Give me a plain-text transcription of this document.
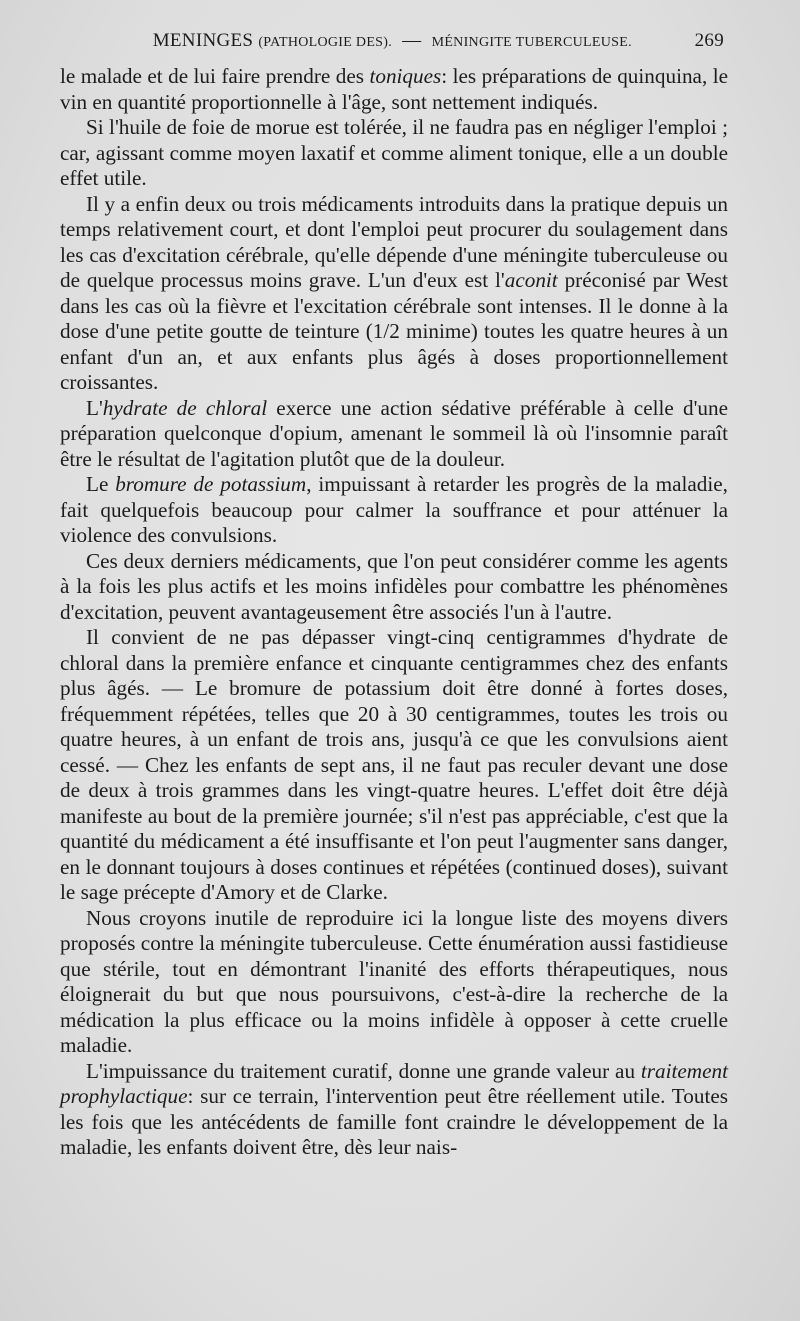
MENINGES (PATHOLOGIE DES). — MÉNINGITE TUBERCULEUSE.	269

le malade et de lui faire prendre des toniques: les préparations de quinquina, le vin en quantité proportionnelle à l'âge, sont nettement indiqués.

Si l'huile de foie de morue est tolérée, il ne faudra pas en négliger l'emploi ; car, agissant comme moyen laxatif et comme aliment tonique, elle a un double effet utile.

Il y a enfin deux ou trois médicaments introduits dans la pratique depuis un temps relativement court, et dont l'emploi peut procurer du soulagement dans les cas d'excitation cérébrale, qu'elle dépende d'une méningite tuberculeuse ou de quelque processus moins grave. L'un d'eux est l'aconit préconisé par West dans les cas où la fièvre et l'excitation cérébrale sont intenses. Il le donne à la dose d'une petite goutte de teinture (1/2 minime) toutes les quatre heures à un enfant d'un an, et aux enfants plus âgés à doses proportionnellement croissantes.

L'hydrate de chloral exerce une action sédative préférable à celle d'une préparation quelconque d'opium, amenant le sommeil là où l'insomnie paraît être le résultat de l'agitation plutôt que de la douleur.

Le bromure de potassium, impuissant à retarder les progrès de la maladie, fait quelquefois beaucoup pour calmer la souffrance et pour atténuer la violence des convulsions.

Ces deux derniers médicaments, que l'on peut considérer comme les agents à la fois les plus actifs et les moins infidèles pour combattre les phénomènes d'excitation, peuvent avantageusement être associés l'un à l'autre.

Il convient de ne pas dépasser vingt-cinq centigrammes d'hydrate de chloral dans la première enfance et cinquante centigrammes chez des enfants plus âgés. — Le bromure de potassium doit être donné à fortes doses, fréquemment répétées, telles que 20 à 30 centigrammes, toutes les trois ou quatre heures, à un enfant de trois ans, jusqu'à ce que les convulsions aient cessé. — Chez les enfants de sept ans, il ne faut pas reculer devant une dose de deux à trois grammes dans les vingt-quatre heures. L'effet doit être déjà manifeste au bout de la première journée; s'il n'est pas appréciable, c'est que la quantité du médicament a été insuffisante et l'on peut l'augmenter sans danger, en le donnant toujours à doses continues et répétées (continued doses), suivant le sage précepte d'Amory et de Clarke.

Nous croyons inutile de reproduire ici la longue liste des moyens divers proposés contre la méningite tuberculeuse. Cette énumération aussi fastidieuse que stérile, tout en démontrant l'inanité des efforts thérapeutiques, nous éloignerait du but que nous poursuivons, c'est-à-dire la recherche de la médication la plus efficace ou la moins infidèle à opposer à cette cruelle maladie.

L'impuissance du traitement curatif, donne une grande valeur au traitement prophylactique: sur ce terrain, l'intervention peut être réellement utile. Toutes les fois que les antécédents de famille font craindre le développement de la maladie, les enfants doivent être, dès leur nais-
